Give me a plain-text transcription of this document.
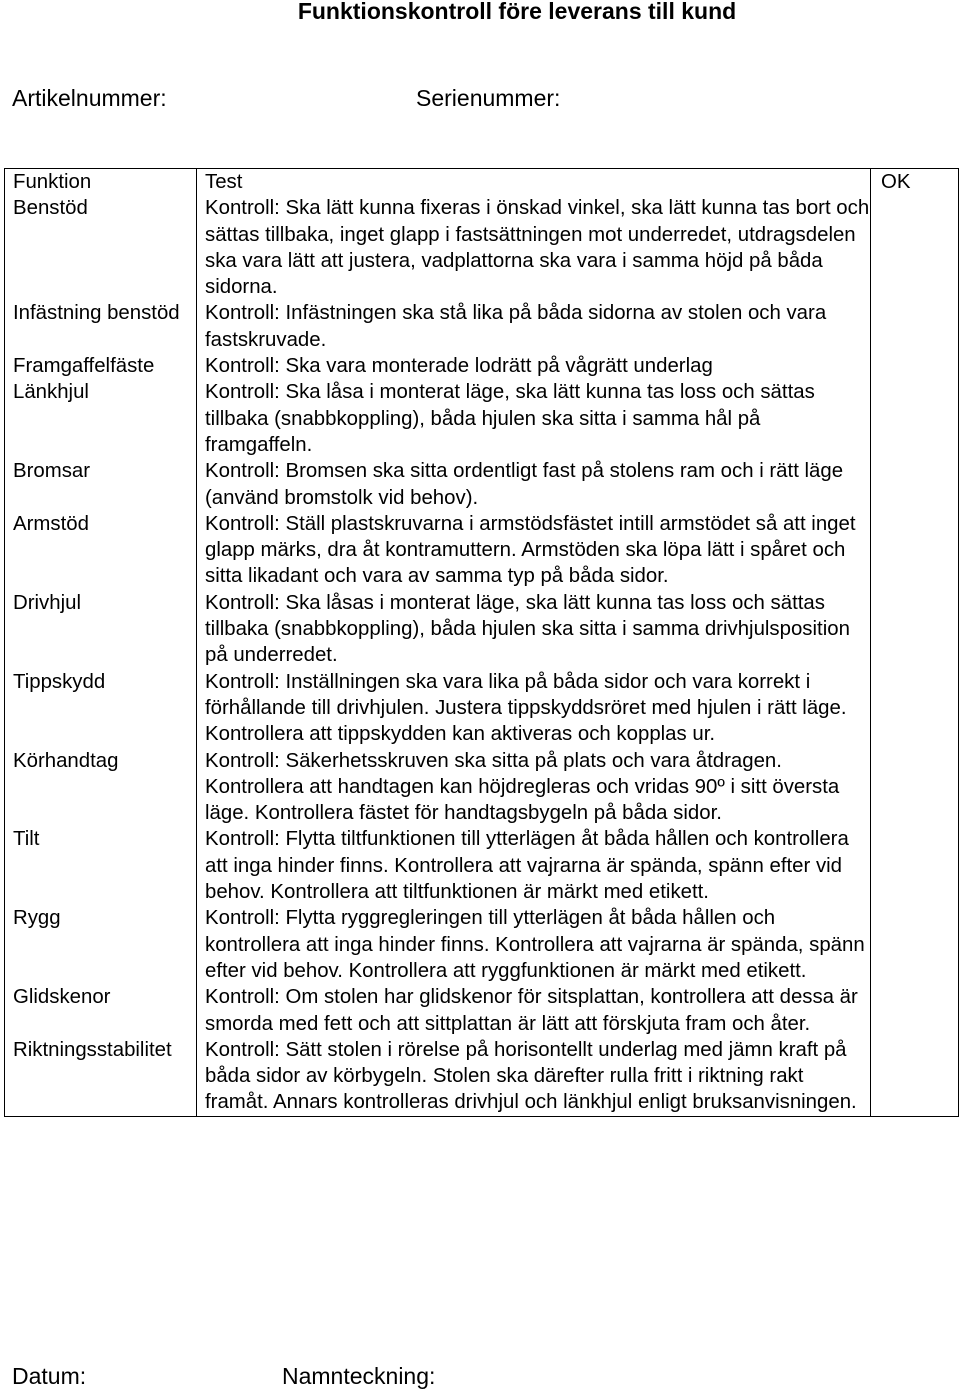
Funktionskontroll före leverans till kund
Artikelnummer:	Serienummer:
Funktion	Test	OK
Benstöd	Kontroll: Ska lätt kunna fixeras i önskad vinkel, ska lätt kunna tas bort och sättas tillbaka, inget glapp i fastsättningen mot underredet, utdragsdelen ska vara lätt att justera, vadplattorna ska vara i samma höjd på båda sidorna.	
Infästning benstöd	Kontroll: Infästningen ska stå lika på båda sidorna av stolen och vara fastskruvade.	
Framgaffelfäste	Kontroll: Ska vara monterade lodrätt på vågrätt underlag	
Länkhjul	Kontroll: Ska låsa i monterat läge, ska lätt kunna tas loss och sättas tillbaka (snabbkoppling), båda hjulen ska sitta i samma hål på framgaffeln.	
Bromsar	Kontroll: Bromsen ska sitta ordentligt fast på stolens ram och i rätt läge (använd bromstolk vid behov).	
Armstöd	Kontroll: Ställ plastskruvarna i armstödsfästet intill armstödet så att inget glapp märks, dra åt kontramuttern. Armstöden ska löpa lätt i spåret och sitta likadant och vara av samma typ på båda sidor.	
Drivhjul	Kontroll: Ska låsas i monterat läge, ska lätt kunna tas loss och sättas tillbaka (snabbkoppling), båda hjulen ska sitta i samma drivhjulsposition på underredet.	
Tippskydd	Kontroll: Inställningen ska vara lika på båda sidor och vara korrekt i förhållande till drivhjulen. Justera tippskyddsröret med hjulen i rätt läge. Kontrollera att tippskydden kan aktiveras och kopplas ur.	
Körhandtag	Kontroll: Säkerhetsskruven ska sitta på plats och vara åtdragen. Kontrollera att handtagen kan höjdregleras och vridas 90º i sitt översta läge. Kontrollera fästet för handtagsbygeln på båda sidor.	
Tilt	Kontroll: Flytta tiltfunktionen till ytterlägen åt båda hållen och kontrollera att inga hinder finns. Kontrollera att vajrarna är spända, spänn efter vid behov. Kontrollera att tiltfunktionen är märkt med etikett.	
Rygg	Kontroll: Flytta ryggregleringen till ytterlägen åt båda hållen och kontrollera att inga hinder finns. Kontrollera att vajrarna är spända, spänn efter vid behov. Kontrollera att ryggfunktionen är märkt med etikett.	
Glidskenor	Kontroll: Om stolen har glidskenor för sitsplattan, kontrollera att dessa är smorda med fett och att sittplattan är lätt att förskjuta fram och åter.	
Riktningsstabilitet	Kontroll: Sätt stolen i rörelse på horisontellt underlag med jämn kraft på båda sidor av körbygeln. Stolen ska därefter rulla fritt i riktning rakt framåt. Annars kontrolleras drivhjul och länkhjul enligt bruksanvisningen.	
Datum:	Namnteckning:
